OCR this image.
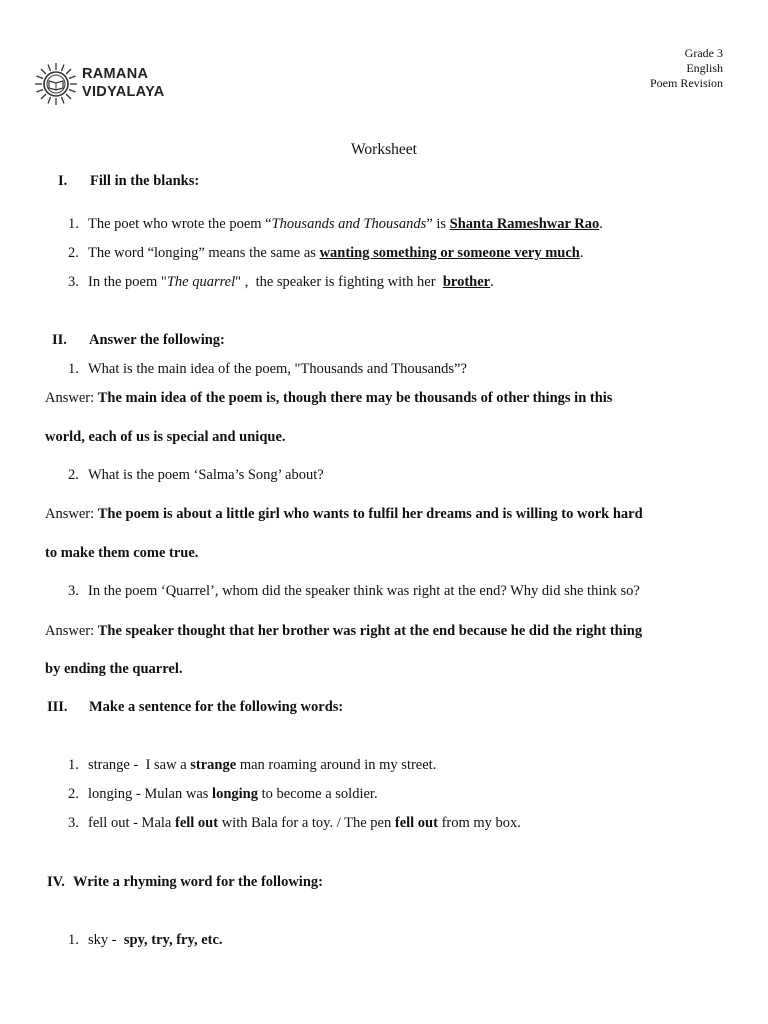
RAMANA
VIDYALAYA
Grade 3
English
Poem Revision
Worksheet
I. Fill in the blanks:
1. The poet who wrote the poem “Thousands and Thousands” is Shanta Rameshwar Rao.
2. The word “longing” means the same as wanting something or someone very much.
3. In the poem "The quarrel" ,  the speaker is fighting with her  brother.
II. Answer the following:
1. What is the main idea of the poem, "Thousands and Thousands”?
Answer: The main idea of the poem is, though there may be thousands of other things in this
world, each of us is special and unique.
2. What is the poem ‘Salma’s Song’ about?
Answer: The poem is about a little girl who wants to fulfil her dreams and is willing to work hard
to make them come true.
3. In the poem ‘Quarrel’, whom did the speaker think was right at the end? Why did she think so?
Answer: The speaker thought that her brother was right at the end because he did the right thing
by ending the quarrel.
III. Make a sentence for the following words:
1. strange -  I saw a strange man roaming around in my street.
2. longing - Mulan was longing to become a soldier.
3. fell out - Mala fell out with Bala for a toy. / The pen fell out from my box.
IV. Write a rhyming word for the following:
1. sky -  spy, try, fry, etc.
